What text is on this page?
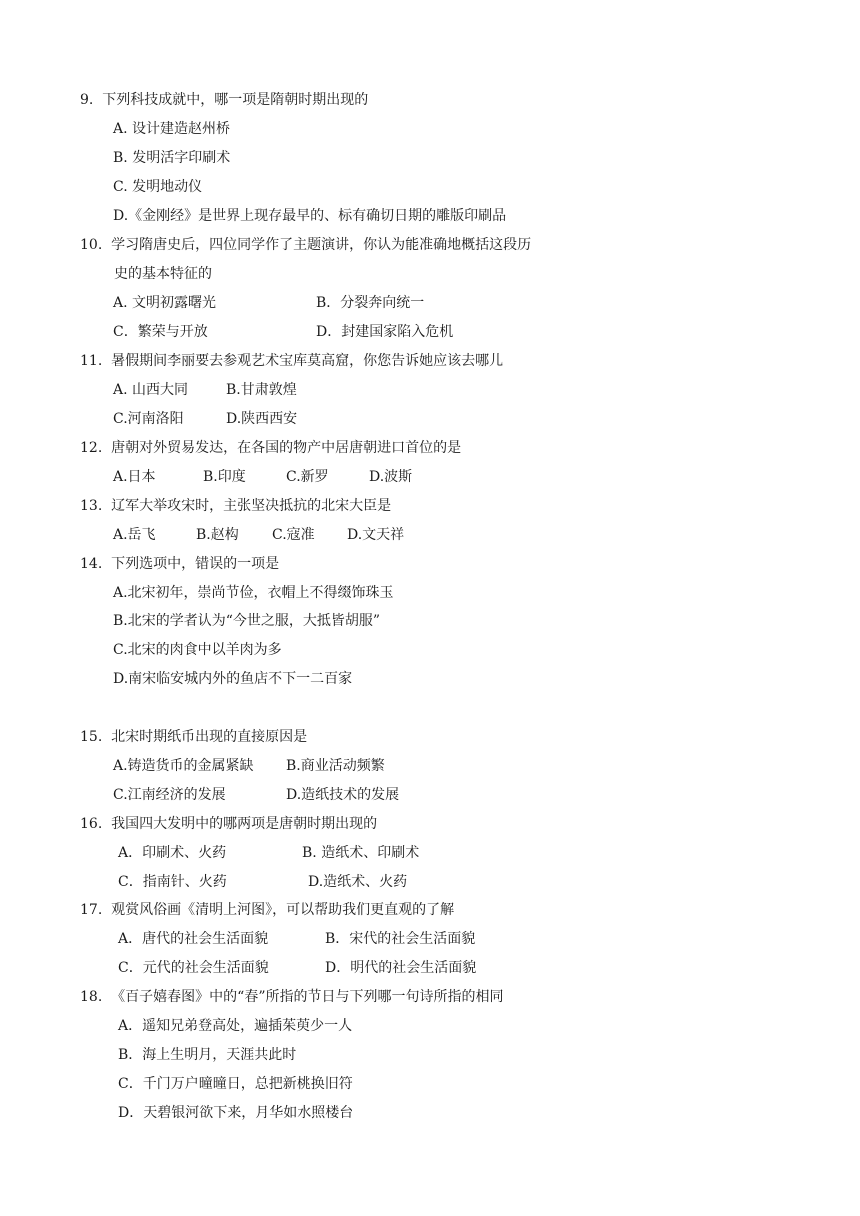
9. 下列科技成就中，哪一项是隋朝时期出现的
A. 设计建造赵州桥
B. 发明活字印刷术
C. 发明地动仪
D.《金刚经》是世界上现存最早的、标有确切日期的雕版印刷品
10. 学习隋唐史后，四位同学作了主题演讲，你认为能准确地概括这段历
史的基本特征的
A. 文明初露曙光	B．分裂奔向统一
C．繁荣与开放	D．封建国家陷入危机
11. 暑假期间李丽要去参观艺术宝库莫高窟，你您告诉她应该去哪儿
A. 山西大同	B.甘肃敦煌
C.河南洛阳	D.陕西西安
12. 唐朝对外贸易发达，在各国的物产中居唐朝进口首位的是
A.日本	B.印度	C.新罗	D.波斯
13. 辽军大举攻宋时，主张坚决抵抗的北宋大臣是
A.岳飞	B.赵构 C.寇准 D.文天祥
14. 下列选项中，错误的一项是
A.北宋初年，崇尚节俭，衣帽上不得缀饰珠玉
B.北宋的学者认为“今世之服，大抵皆胡服”
C.北宋的肉食中以羊肉为多
D.南宋临安城内外的鱼店不下一二百家
15. 北宋时期纸币出现的直接原因是
A.铸造货币的金属紧缺 B.商业活动频繁
C.江南经济的发展	D.造纸技术的发展
16. 我国四大发明中的哪两项是唐朝时期出现的
A．印刷术、火药	B. 造纸术、印刷术
C．指南针、火药	D.造纸术、火药
17. 观赏风俗画《清明上河图》，可以帮助我们更直观的了解
A．唐代的社会生活面貌	B．宋代的社会生活面貌
C．元代的社会生活面貌	D．明代的社会生活面貌
18. 《百子嬉春图》中的“春”所指的节日与下列哪一句诗所指的相同
A．遥知兄弟登高处，遍插茱萸少一人
B．海上生明月，天涯共此时
C．千门万户曈曈日，总把新桃换旧符
D．天碧银河欲下来，月华如水照楼台
